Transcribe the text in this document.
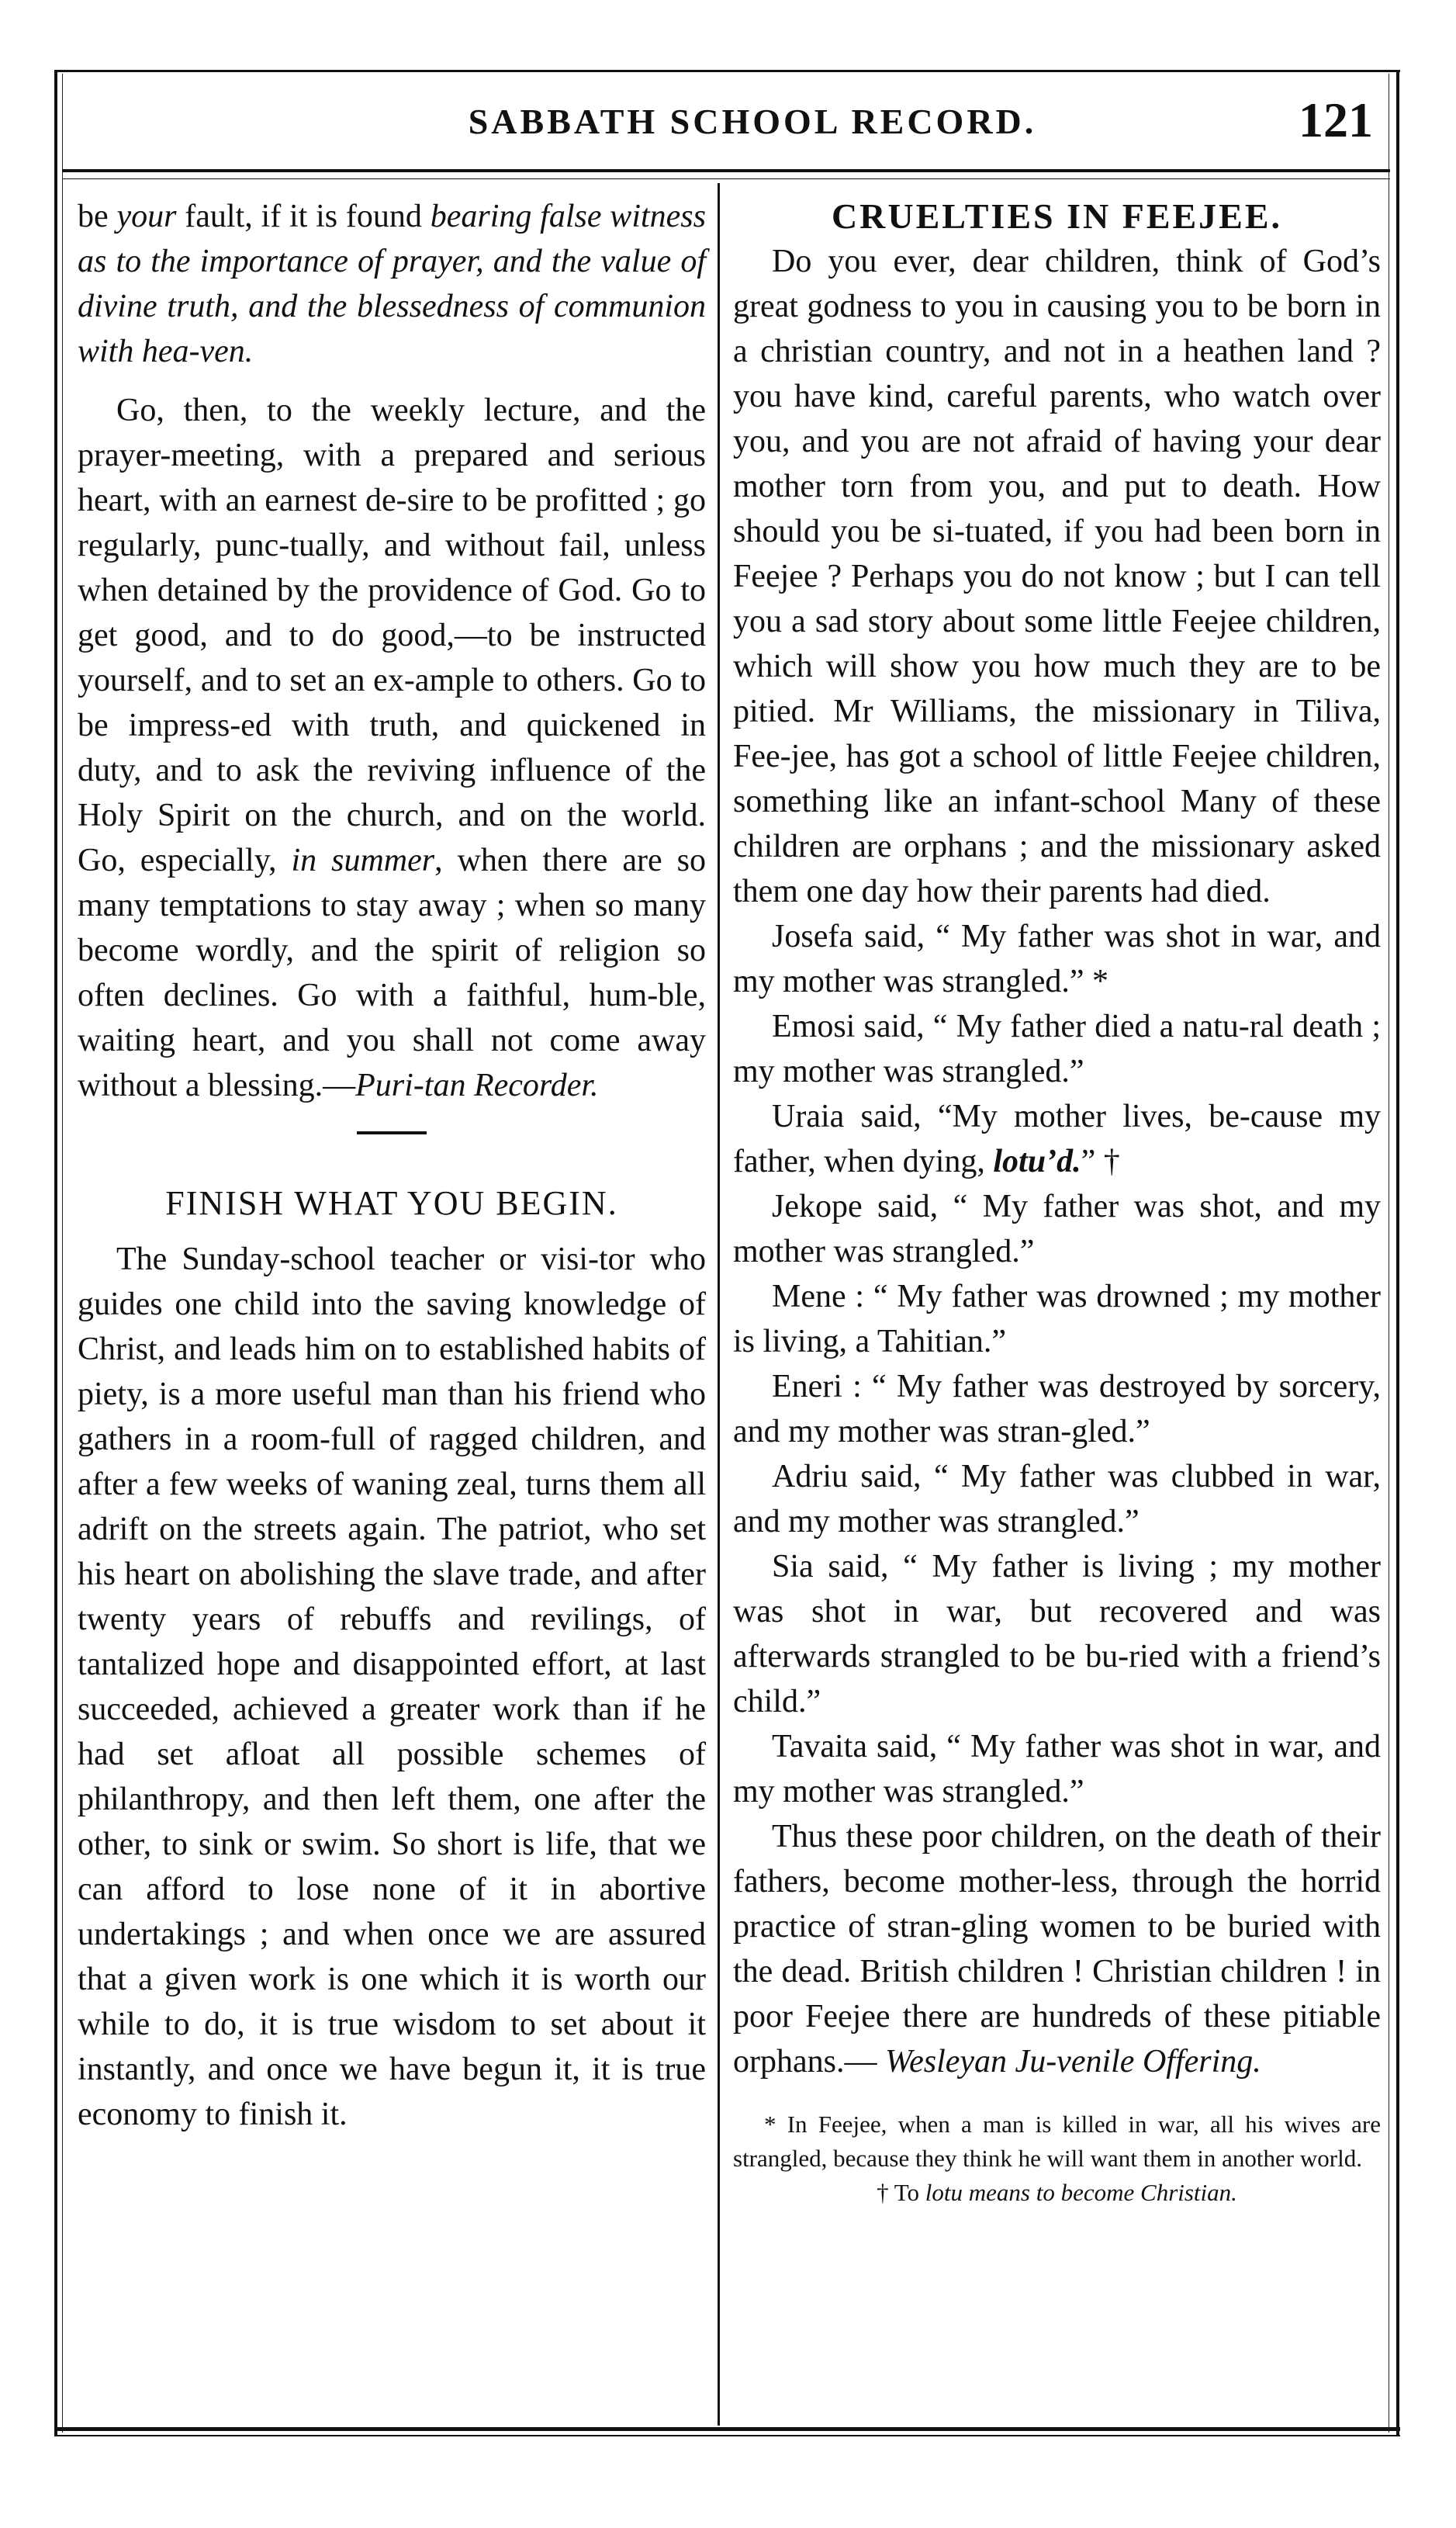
SABBATH SCHOOL RECORD.	121

be your fault, if it is found bearing false witness as to the importance of prayer, and the value of divine truth, and the blessedness of communion with hea-ven.

Go, then, to the weekly lecture, and the prayer-meeting, with a prepared and serious heart, with an earnest de-sire to be profitted ; go regularly, punc-tually, and without fail, unless when detained by the providence of God. Go to get good, and to do good,—to be instructed yourself, and to set an ex-ample to others. Go to be impress-ed with truth, and quickened in duty, and to ask the reviving influence of the Holy Spirit on the church, and on the world. Go, especially, in summer, when there are so many temptations to stay away ; when so many become wordly, and the spirit of religion so often declines. Go with a faithful, hum-ble, waiting heart, and you shall not come away without a blessing.—Puri-tan Recorder.

FINISH WHAT YOU BEGIN.

The Sunday-school teacher or visi-tor who guides one child into the saving knowledge of Christ, and leads him on to established habits of piety, is a more useful man than his friend who gathers in a room-full of ragged children, and after a few weeks of waning zeal, turns them all adrift on the streets again. The patriot, who set his heart on abolishing the slave trade, and after twenty years of rebuffs and revilings, of tantalized hope and disappointed effort, at last succeeded, achieved a greater work than if he had set afloat all possible schemes of philanthropy, and then left them, one after the other, to sink or swim. So short is life, that we can afford to lose none of it in abortive undertakings ; and when once we are assured that a given work is one which it is worth our while to do, it is true wisdom to set about it instantly, and once we have begun it, it is true economy to finish it.

CRUELTIES IN FEEJEE.

Do you ever, dear children, think of God’s great godness to you in causing you to be born in a christian country, and not in a heathen land ? you have kind, careful parents, who watch over you, and you are not afraid of having your dear mother torn from you, and put to death. How should you be si-tuated, if you had been born in Feejee ? Perhaps you do not know ; but I can tell you a sad story about some little Feejee children, which will show you how much they are to be pitied. Mr Williams, the missionary in Tiliva, Fee-jee, has got a school of little Feejee children, something like an infant-school Many of these children are orphans ; and the missionary asked them one day how their parents had died.

Josefa said, “ My father was shot in war, and my mother was strangled.” *

Emosi said, “ My father died a natu-ral death ; my mother was strangled.”

Uraia said, “My mother lives, be-cause my father, when dying, lotu’d.” †

Jekope said, “ My father was shot, and my mother was strangled.”

Mene : “ My father was drowned ; my mother is living, a Tahitian.”

Eneri : “ My father was destroyed by sorcery, and my mother was stran-gled.”

Adriu said, “ My father was clubbed in war, and my mother was strangled.”

Sia said, “ My father is living ; my mother was shot in war, but recovered and was afterwards strangled to be bu-ried with a friend’s child.”

Tavaita said, “ My father was shot in war, and my mother was strangled.”

Thus these poor children, on the death of their fathers, become mother-less, through the horrid practice of stran-gling women to be buried with the dead. British children ! Christian children ! in poor Feejee there are hundreds of these pitiable orphans.— Wesleyan Ju-venile Offering.

* In Feejee, when a man is killed in war, all his wives are strangled, because they think he will want them in another world.

† To lotu means to become Christian.
